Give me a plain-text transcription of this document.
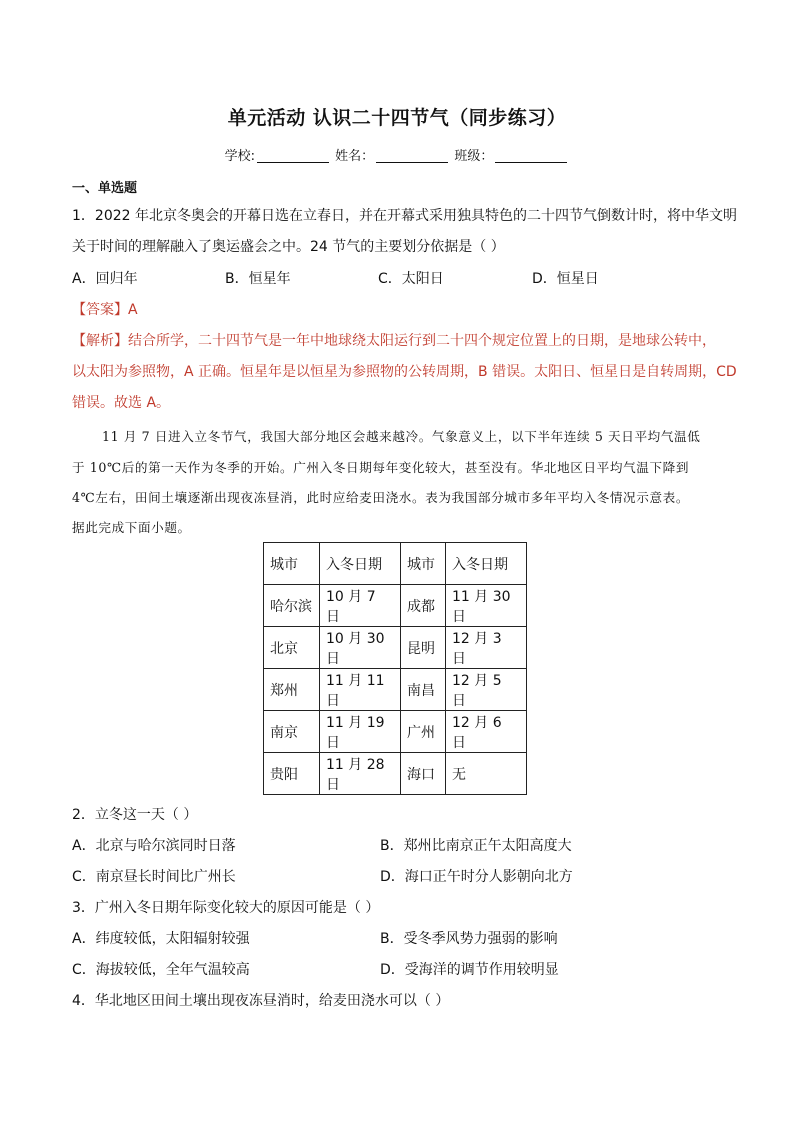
单元活动 认识二十四节气（同步练习）
学校:	姓名：	班级：
一、单选题
1．2022 年北京冬奥会的开幕日选在立春日，并在开幕式采用独具特色的二十四节气倒数计时，将中华文明
关于时间的理解融入了奥运盛会之中。24 节气的主要划分依据是（ ）
A．回归年	B．恒星年	C．太阳日	D．恒星日
【答案】A
【解析】结合所学，二十四节气是一年中地球绕太阳运行到二十四个规定位置上的日期，是地球公转中，
以太阳为参照物，A 正确。恒星年是以恒星为参照物的公转周期，B 错误。太阳日、恒星日是自转周期，CD
错误。故选 A。
11 月 7 日进入立冬节气，我国大部分地区会越来越冷。气象意义上，以下半年连续 5 天日平均气温低
于 10℃后的第一天作为冬季的开始。广州入冬日期每年变化较大，甚至没有。华北地区日平均气温下降到
4℃左右，田间土壤逐渐出现夜冻昼消，此时应给麦田浇水。表为我国部分城市多年平均入冬情况示意表。
据此完成下面小题。
城市	入冬日期	城市	入冬日期
哈尔滨	10 月 7 日	成都	11 月 30 日
北京	10 月 30 日	昆明	12 月 3 日
郑州	11 月 11 日	南昌	12 月 5 日
南京	11 月 19 日	广州	12 月 6 日
贵阳	11 月 28 日	海口	无
2．立冬这一天（ ）
A．北京与哈尔滨同时日落	B．郑州比南京正午太阳高度大
C．南京昼长时间比广州长	D．海口正午时分人影朝向北方
3．广州入冬日期年际变化较大的原因可能是（ ）
A．纬度较低，太阳辐射较强	B．受冬季风势力强弱的影响
C．海拔较低，全年气温较高	D．受海洋的调节作用较明显
4．华北地区田间土壤出现夜冻昼消时，给麦田浇水可以（ ）
